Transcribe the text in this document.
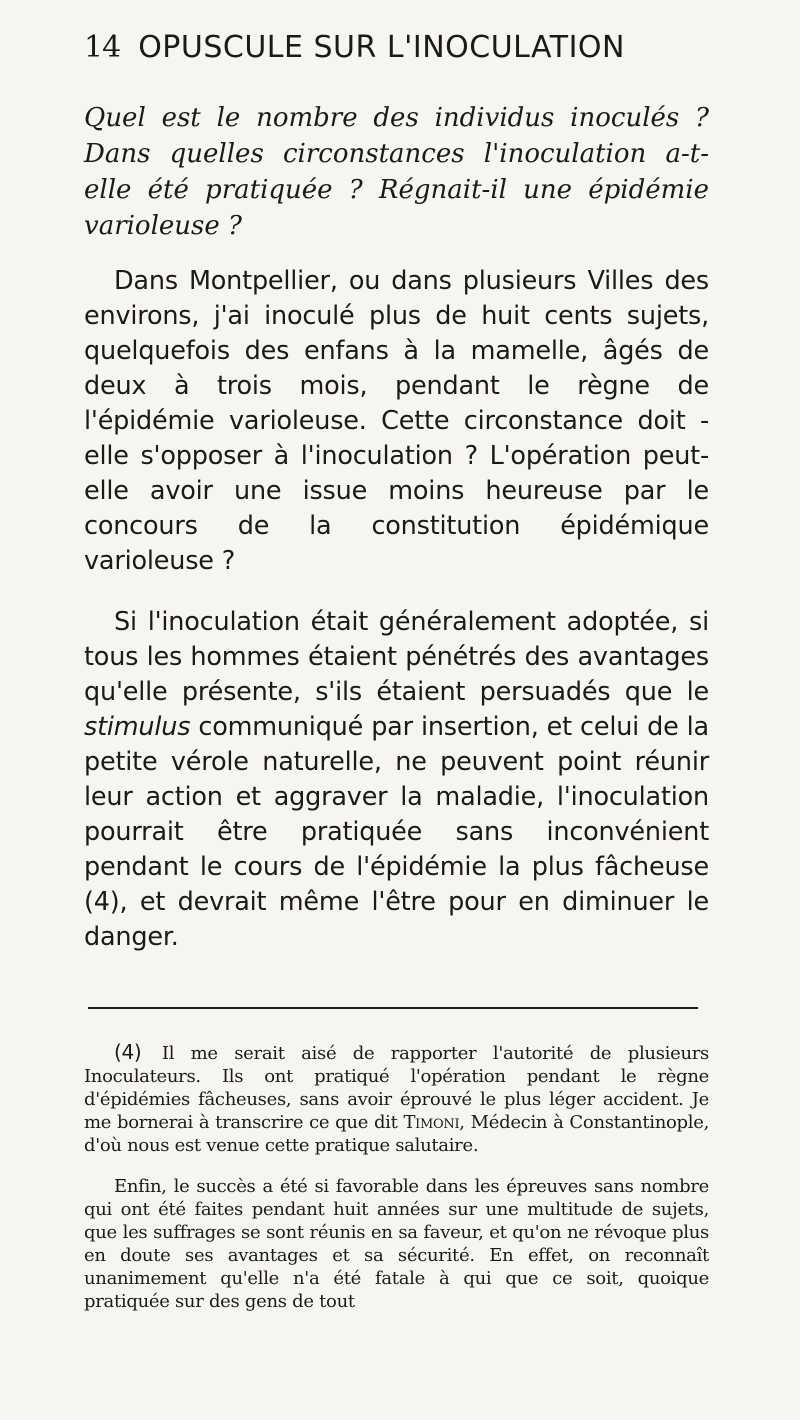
14 OPUSCULE SUR L'INOCULATION
Quel est le nombre des individus inoculés ? Dans quelles circonstances l'inoculation a-t-elle été pratiquée ? Régnait-il une épidémie varioleuse ?

Dans Montpellier, ou dans plusieurs Villes des environs, j'ai inoculé plus de huit cents sujets, quelquefois des enfans à la mamelle, âgés de deux à trois mois, pendant le règne de l'épidémie varioleuse. Cette circonstance doit - elle s'opposer à l'inoculation ? L'opération peut-elle avoir une issue moins heureuse par le concours de la constitution épidémique varioleuse ?

Si l'inoculation était généralement adoptée, si tous les hommes étaient pénétrés des avantages qu'elle présente, s'ils étaient persuadés que le stimulus communiqué par insertion, et celui de la petite vérole naturelle, ne peuvent point réunir leur action et aggraver la maladie, l'inoculation pourrait être pratiquée sans inconvénient pendant le cours de l'épidémie la plus fâcheuse (4), et devrait même l'être pour en diminuer le danger.

(4) Il me serait aisé de rapporter l'autorité de plusieurs Inoculateurs. Ils ont pratiqué l'opération pendant le règne d'épidémies fâcheuses, sans avoir éprouvé le plus léger accident. Je me bornerai à transcrire ce que dit Timoni, Médecin à Constantinople, d'où nous est venue cette pratique salutaire.

Enfin, le succès a été si favorable dans les épreuves sans nombre qui ont été faites pendant huit années sur une multitude de sujets, que les suffrages se sont réunis en sa faveur, et qu'on ne révoque plus en doute ses avantages et sa sécurité. En effet, on reconnaît unanimement qu'elle n'a été fatale à qui que ce soit, quoique pratiquée sur des gens de tout
